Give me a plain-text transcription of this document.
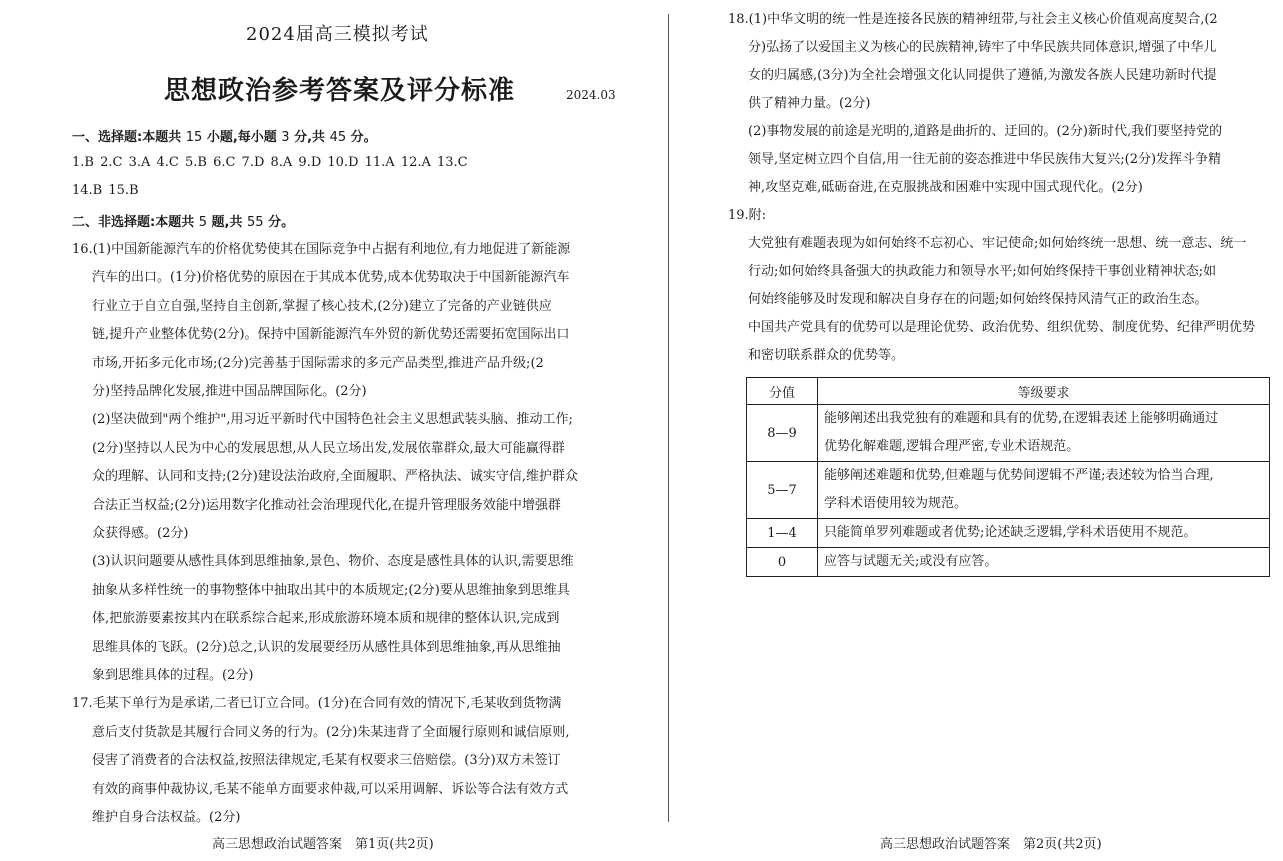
2024届高三模拟考试
思想政治参考答案及评分标准	2024.03
一、选择题:本题共 15 小题,每小题 3 分,共 45 分。
1.B 2.C 3.A 4.C 5.B 6.C 7.D 8.A 9.D 10.D 11.A 12.A 13.C
14.B 15.B
二、非选择题:本题共 5 题,共 55 分。
16.(1)中国新能源汽车的价格优势使其在国际竞争中占据有利地位,有力地促进了新能源
汽车的出口。(1分)价格优势的原因在于其成本优势,成本优势取决于中国新能源汽车
行业立于自立自强,坚持自主创新,掌握了核心技术,(2分)建立了完备的产业链供应
链,提升产业整体优势(2分)。保持中国新能源汽车外贸的新优势还需要拓宽国际出口
市场,开拓多元化市场;(2分)完善基于国际需求的多元产品类型,推进产品升级;(2
分)坚持品牌化发展,推进中国品牌国际化。(2分)
(2)坚决做到"两个维护",用习近平新时代中国特色社会主义思想武装头脑、推动工作;
(2分)坚持以人民为中心的发展思想,从人民立场出发,发展依靠群众,最大可能赢得群
众的理解、认同和支持;(2分)建设法治政府,全面履职、严格执法、诚实守信,维护群众
合法正当权益;(2分)运用数字化推动社会治理现代化,在提升管理服务效能中增强群
众获得感。(2分)
(3)认识问题要从感性具体到思维抽象,景色、物价、态度是感性具体的认识,需要思维
抽象从多样性统一的事物整体中抽取出其中的本质规定;(2分)要从思维抽象到思维具
体,把旅游要素按其内在联系综合起来,形成旅游环境本质和规律的整体认识,完成到
思维具体的飞跃。(2分)总之,认识的发展要经历从感性具体到思维抽象,再从思维抽
象到思维具体的过程。(2分)
17.毛某下单行为是承诺,二者已订立合同。(1分)在合同有效的情况下,毛某收到货物满
意后支付货款是其履行合同义务的行为。(2分)朱某违背了全面履行原则和诚信原则,
侵害了消费者的合法权益,按照法律规定,毛某有权要求三倍赔偿。(3分)双方未签订
有效的商事仲裁协议,毛某不能单方面要求仲裁,可以采用调解、诉讼等合法有效方式
维护自身合法权益。(2分)
高三思想政治试题答案　第1页(共2页)
18.(1)中华文明的统一性是连接各民族的精神纽带,与社会主义核心价值观高度契合,(2
分)弘扬了以爱国主义为核心的民族精神,铸牢了中华民族共同体意识,增强了中华儿
女的归属感,(3分)为全社会增强文化认同提供了遵循,为激发各族人民建功新时代提
供了精神力量。(2分)
(2)事物发展的前途是光明的,道路是曲折的、迂回的。(2分)新时代,我们要坚持党的
领导,坚定树立四个自信,用一往无前的姿态推进中华民族伟大复兴;(2分)发挥斗争精
神,攻坚克难,砥砺奋进,在克服挑战和困难中实现中国式现代化。(2分)
19.附:
大党独有难题表现为如何始终不忘初心、牢记使命;如何始终统一思想、统一意志、统一
行动;如何始终具备强大的执政能力和领导水平;如何始终保持干事创业精神状态;如
何始终能够及时发现和解决自身存在的问题;如何始终保持风清气正的政治生态。
中国共产党具有的优势可以是理论优势、政治优势、组织优势、制度优势、纪律严明优势
和密切联系群众的优势等。
分值	等级要求
8—9	能够阐述出我党独有的难题和具有的优势,在逻辑表述上能够明确通过
优势化解难题,逻辑合理严密,专业术语规范。

5—7	能够阐述难题和优势,但难题与优势间逻辑不严谨;表述较为恰当合理,
学科术语使用较为规范。

1—4	只能简单罗列难题或者优势;论述缺乏逻辑,学科术语使用不规范。
0	应答与试题无关;或没有应答。
高三思想政治试题答案　第2页(共2页)
